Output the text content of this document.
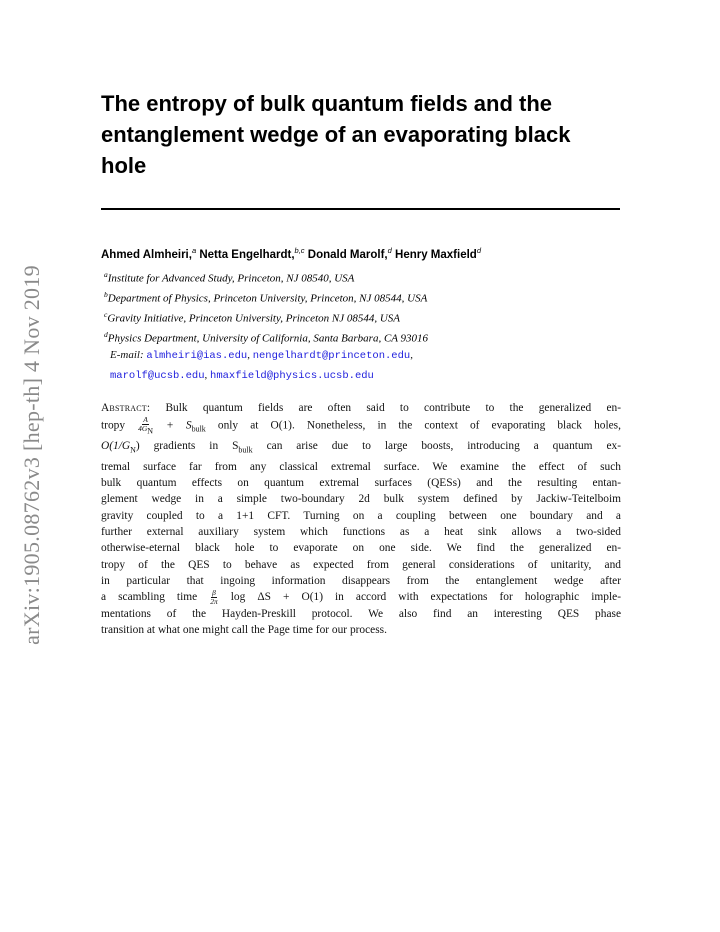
arXiv:1905.08762v3 [hep-th] 4 Nov 2019
The entropy of bulk quantum fields and the entanglement wedge of an evaporating black hole
Ahmed Almheiri,$^a$ Netta Engelhardt,$^{b,c}$ Donald Marolf,$^d$ Henry Maxfield$^d$
$^a$Institute for Advanced Study, Princeton, NJ 08540, USA
$^b$Department of Physics, Princeton University, Princeton, NJ 08544, USA
$^c$Gravity Initiative, Princeton University, Princeton NJ 08544, USA
$^d$Physics Department, University of California, Santa Barbara, CA 93016
E-mail: almheiri@ias.edu, nengelhardt@princeton.edu,
marolf@ucsb.edu, hmaxfield@physics.ucsb.edu
Abstract: Bulk quantum fields are often said to contribute to the generalized en-
tropy $\frac{A}{4G_N} + S_{bulk}$ only at O(1). Nonetheless, in the context of evaporating black holes,
$O(1/G_N)$ gradients in $S_{bulk}$ can arise due to large boosts, introducing a quantum ex-
tremal surface far from any classical extremal surface. We examine the effect of such
bulk quantum effects on quantum extremal surfaces (QESs) and the resulting entan-
glement wedge in a simple two-boundary 2d bulk system defined by Jackiw-Teitelboim
gravity coupled to a 1+1 CFT. Turning on a coupling between one boundary and a
further external auxiliary system which functions as a heat sink allows a two-sided
otherwise-eternal black hole to evaporate on one side. We find the generalized en-
tropy of the QES to behave as expected from general considerations of unitarity, and
in particular that ingoing information disappears from the entanglement wedge after
a scambling time $\frac{\beta}{2\pi}$ log ΔS + O(1) in accord with expectations for holographic imple-
mentations of the Hayden-Preskill protocol. We also find an interesting QES phase
transition at what one might call the Page time for our process.
